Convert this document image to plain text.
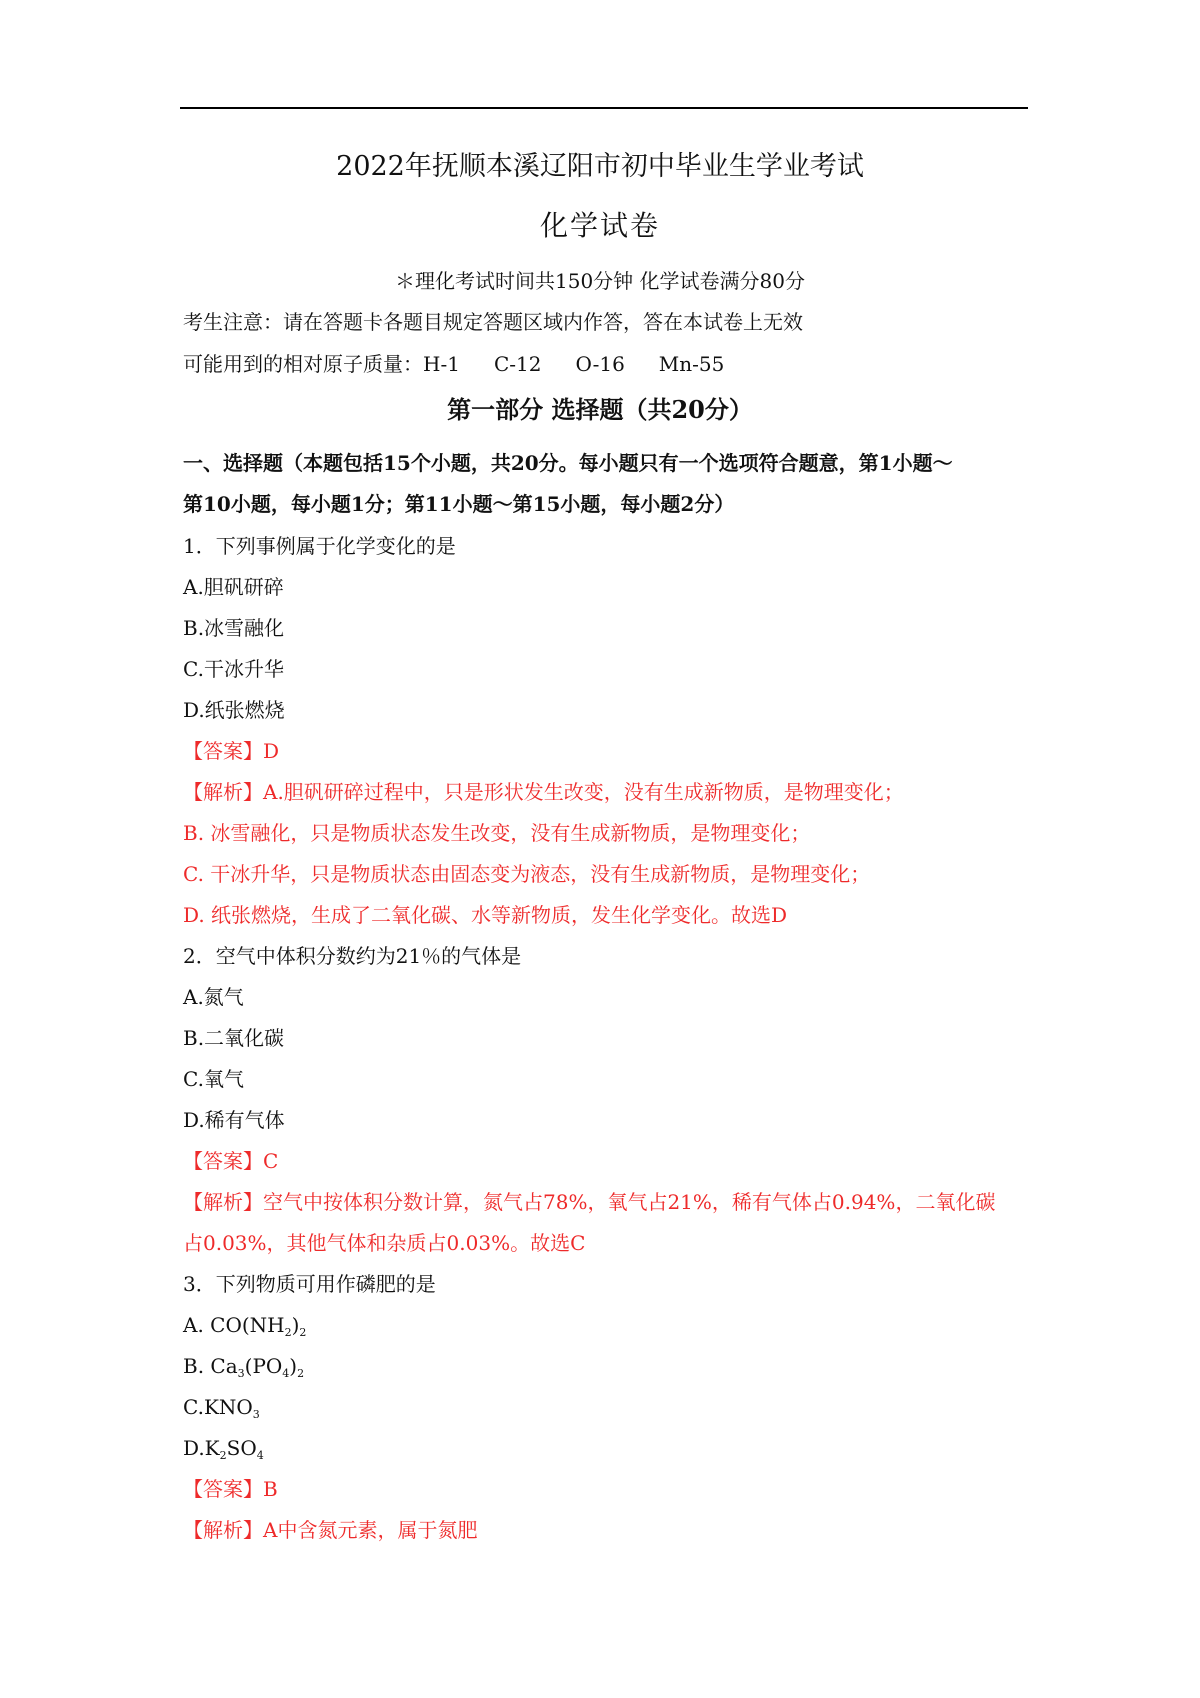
2022年抚顺本溪辽阳市初中毕业生学业考试
化学试卷
＊理化考试时间共150分钟 化学试卷满分80分
考生注意：请在答题卡各题目规定答题区域内作答，答在本试卷上无效
可能用到的相对原子质量：H-1 C-12 O-16 Mn-55
第一部分 选择题（共20分）
一、选择题（本题包括15个小题，共20分。每小题只有一个选项符合题意，第1小题～
第10小题，每小题1分；第11小题～第15小题，每小题2分）
1．下列事例属于化学变化的是
A.胆矾研碎
B.冰雪融化
C.干冰升华
D.纸张燃烧
【答案】D
【解析】A.胆矾研碎过程中，只是形状发生改变，没有生成新物质，是物理变化；
B. 冰雪融化，只是物质状态发生改变，没有生成新物质，是物理变化；
C. 干冰升华，只是物质状态由固态变为液态，没有生成新物质，是物理变化；
D. 纸张燃烧，生成了二氧化碳、水等新物质，发生化学变化。故选D
2．空气中体积分数约为21％的气体是
A.氮气
B.二氧化碳
C.氧气
D.稀有气体
【答案】C
【解析】空气中按体积分数计算，氮气占78%，氧气占21%，稀有气体占0.94%，二氧化碳
占0.03%，其他气体和杂质占0.03%。故选C
3．下列物质可用作磷肥的是
A. $CO(NH_2)_2$
B. $Ca_3(PO_4)_2$
$C.KNO_3$
$D.K_2SO_4$
【答案】B
【解析】A中含氮元素，属于氮肥
